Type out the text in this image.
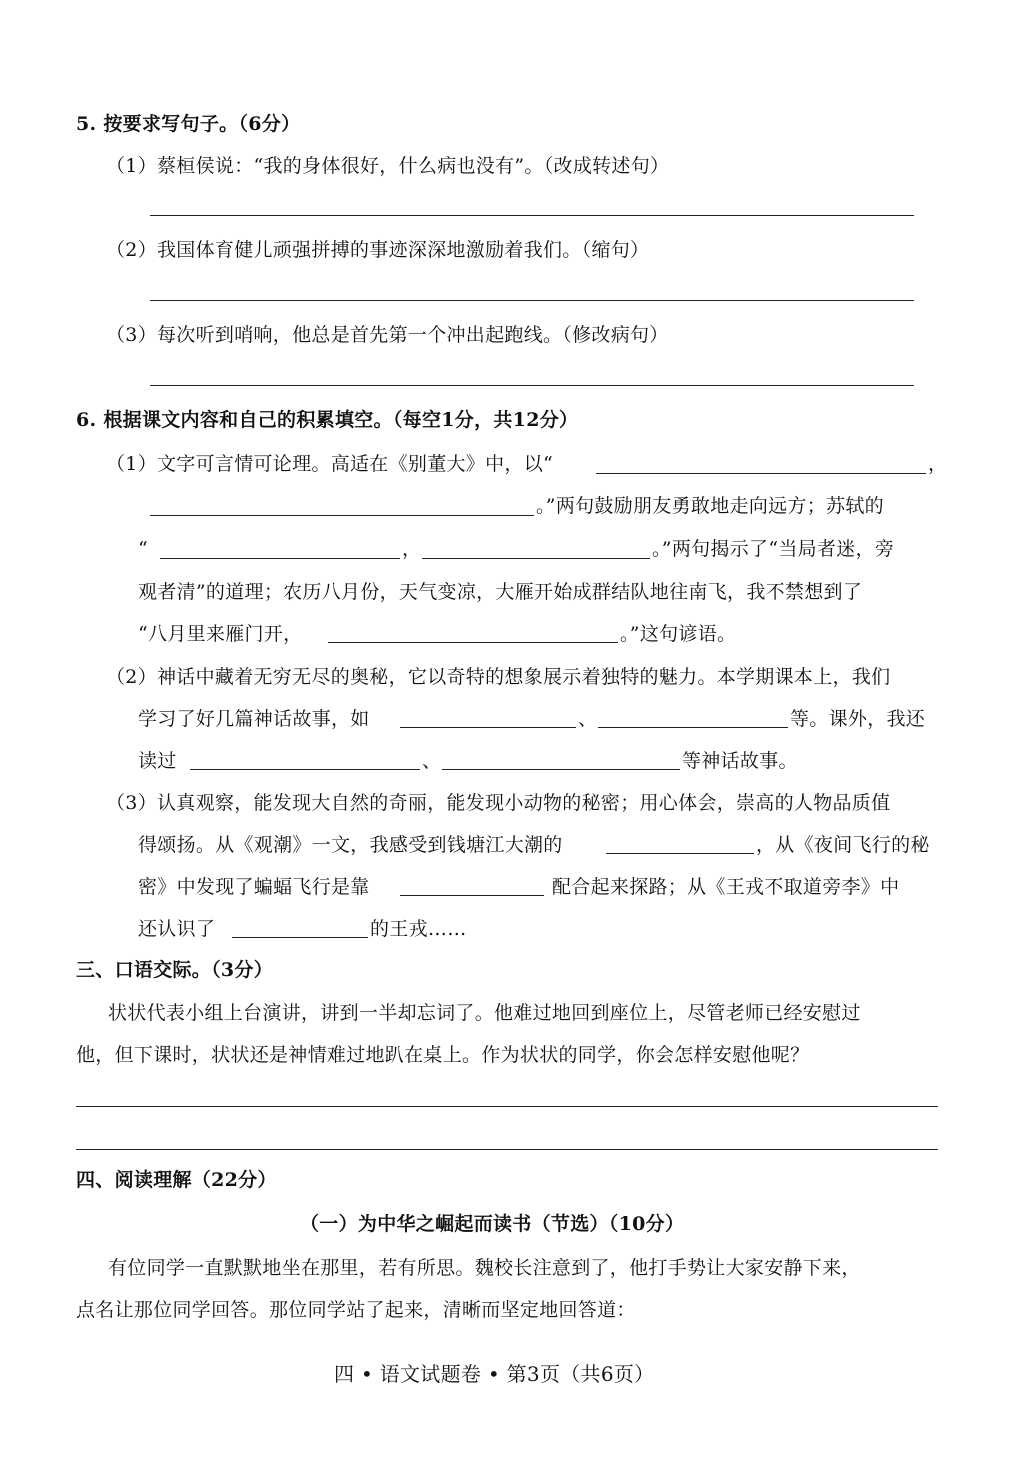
5. 按要求写句子。（6分）
（1）蔡桓侯说：“我的身体很好，什么病也没有”。（改成转述句）
（2）我国体育健儿顽强拼搏的事迹深深地激励着我们。（缩句）
（3）每次听到哨响，他总是首先第一个冲出起跑线。（修改病句）
6. 根据课文内容和自己的积累填空。（每空1分，共12分）
（1）文字可言情可论理。高适在《别董大》中，以“	，
。”两句鼓励朋友勇敢地走向远方；苏轼的
“	，	。”两句揭示了“当局者迷，旁
观者清”的道理；农历八月份，天气变凉，大雁开始成群结队地往南飞，我不禁想到了
“八月里来雁门开，	。”这句谚语。
（2）神话中藏着无穷无尽的奥秘，它以奇特的想象展示着独特的魅力。本学期课本上，我们
学习了好几篇神话故事，如	、	等。课外，我还
读过	、	等神话故事。
（3）认真观察，能发现大自然的奇丽，能发现小动物的秘密；用心体会，崇高的人物品质值
得颂扬。从《观潮》一文，我感受到钱塘江大潮的	，从《夜间飞行的秘
密》中发现了蝙蝠飞行是靠	配合起来探路；从《王戎不取道旁李》中
还认识了	的王戎……
三、口语交际。（3分）
状状代表小组上台演讲，讲到一半却忘词了。他难过地回到座位上，尽管老师已经安慰过
他，但下课时，状状还是神情难过地趴在桌上。作为状状的同学，你会怎样安慰他呢？
四、阅读理解（22分）
（一）为中华之崛起而读书（节选）（10分）
有位同学一直默默地坐在那里，若有所思。魏校长注意到了，他打手势让大家安静下来，
点名让那位同学回答。那位同学站了起来，清晰而坚定地回答道：
四 • 语文试题卷 • 第3页（共6页）
